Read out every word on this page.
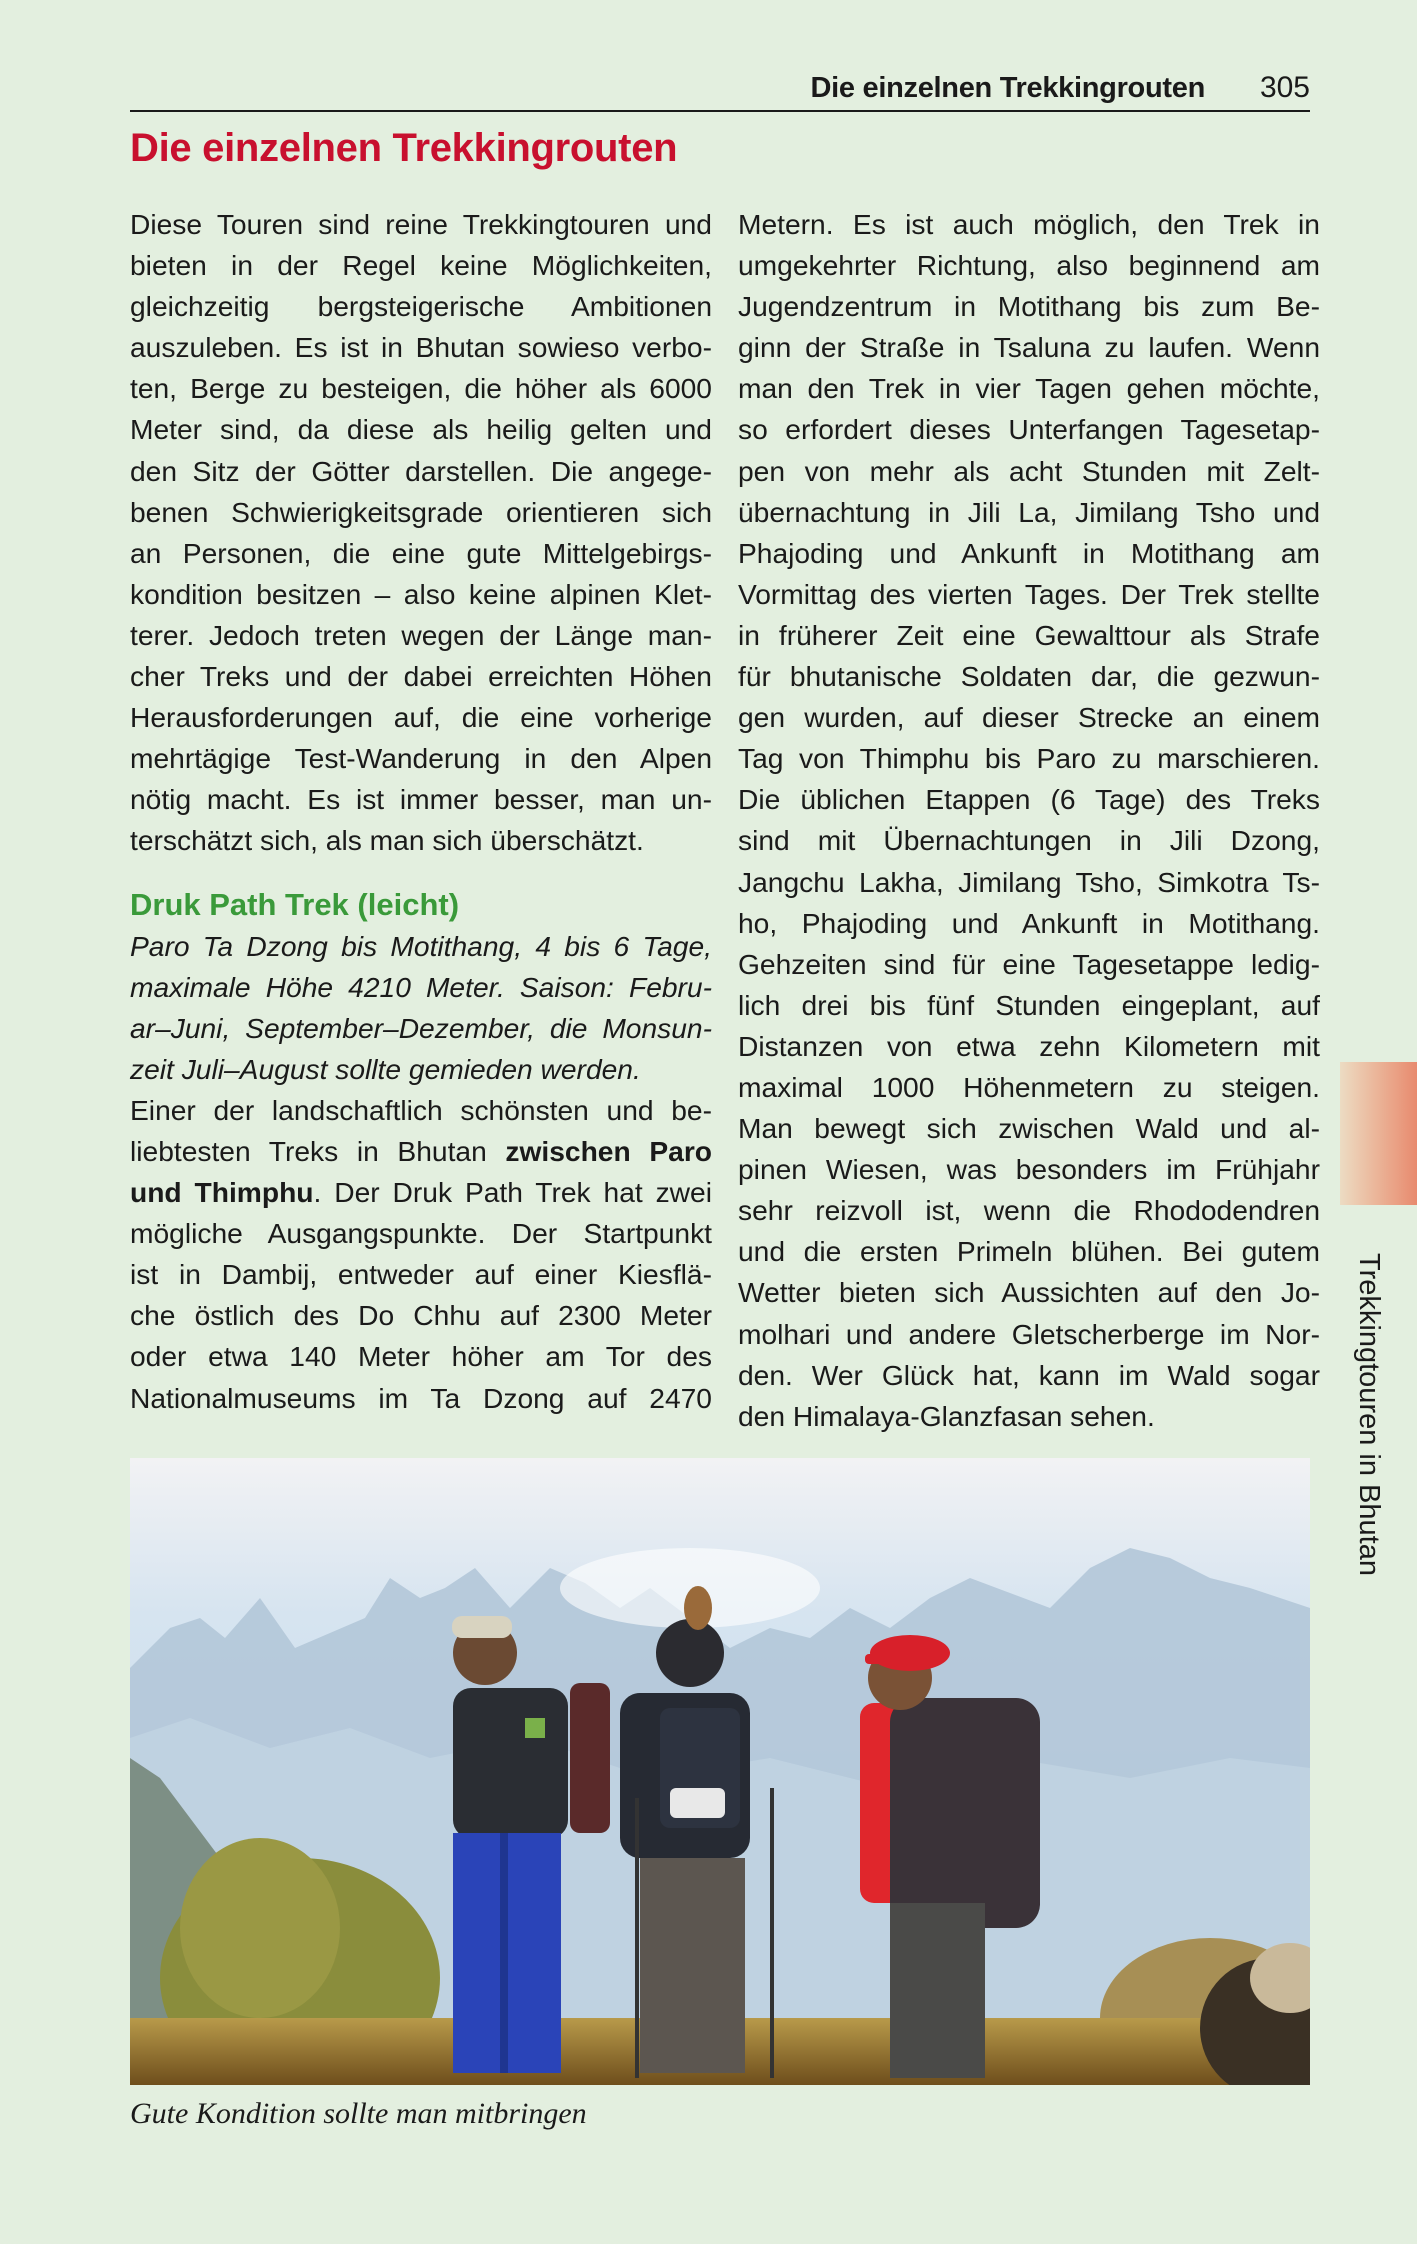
Die einzelnen Trekkingrouten 305
Die einzelnen Trekkingrouten

Diese Touren sind reine Trekkingtouren und
bieten in der Regel keine Möglichkeiten,
gleichzeitig bergsteigerische Ambitionen
auszuleben. Es ist in Bhutan sowieso verbo-
ten, Berge zu besteigen, die höher als 6000
Meter sind, da diese als heilig gelten und
den Sitz der Götter darstellen. Die angege-
benen Schwierigkeitsgrade orientieren sich
an Personen, die eine gute Mittelgebirgs-
kondition besitzen – also keine alpinen Klet-
terer. Jedoch treten wegen der Länge man-
cher Treks und der dabei erreichten Höhen
Herausforderungen auf, die eine vorherige
mehrtägige Test-Wanderung in den Alpen
nötig macht. Es ist immer besser, man un-
terschätzt sich, als man sich überschätzt.

Druk Path Trek (leicht)

Paro Ta Dzong bis Motithang, 4 bis 6 Tage,
maximale Höhe 4210 Meter. Saison: Febru-
ar–Juni, September–Dezember, die Monsun-
zeit Juli–August sollte gemieden werden.

Einer der landschaftlich schönsten und be-
liebtesten Treks in Bhutan zwischen Paro
und Thimphu. Der Druk Path Trek hat zwei
mögliche Ausgangspunkte. Der Startpunkt
ist in Dambij, entweder auf einer Kiesflä-
che östlich des Do Chhu auf 2300 Meter
oder etwa 140 Meter höher am Tor des
Nationalmuseums im Ta Dzong auf 2470

Metern. Es ist auch möglich, den Trek in
umgekehrter Richtung, also beginnend am
Jugendzentrum in Motithang bis zum Be-
ginn der Straße in Tsaluna zu laufen. Wenn
man den Trek in vier Tagen gehen möchte,
so erfordert dieses Unterfangen Tagesetap-
pen von mehr als acht Stunden mit Zelt-
übernachtung in Jili La, Jimilang Tsho und
Phajoding und Ankunft in Motithang am
Vormittag des vierten Tages. Der Trek stellte
in früherer Zeit eine Gewalttour als Strafe
für bhutanische Soldaten dar, die gezwun-
gen wurden, auf dieser Strecke an einem
Tag von Thimphu bis Paro zu marschieren.
Die üblichen Etappen (6 Tage) des Treks
sind mit Übernachtungen in Jili Dzong,
Jangchu Lakha, Jimilang Tsho, Simkotra Ts-
ho, Phajoding und Ankunft in Motithang.
Gehzeiten sind für eine Tagesetappe ledig-
lich drei bis fünf Stunden eingeplant, auf
Distanzen von etwa zehn Kilometern mit
maximal 1000 Höhenmetern zu steigen.
Man bewegt sich zwischen Wald und al-
pinen Wiesen, was besonders im Frühjahr
sehr reizvoll ist, wenn die Rhododendren
und die ersten Primeln blühen. Bei gutem
Wetter bieten sich Aussichten auf den Jo-
molhari und andere Gletscherberge im Nor-
den. Wer Glück hat, kann im Wald sogar
den Himalaya-Glanzfasan sehen.

Gute Kondition sollte man mitbringen
Trekkingtouren in Bhutan
